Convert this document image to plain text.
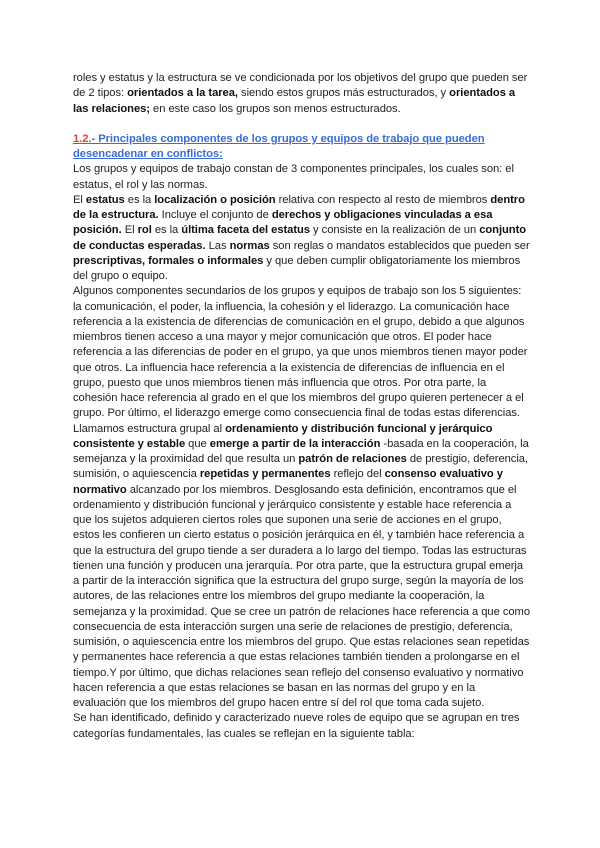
roles y estatus y la estructura se ve condicionada por los objetivos del grupo que pueden ser de 2 tipos: orientados a la tarea, siendo estos grupos más estructurados, y orientados a las relaciones; en este caso los grupos son menos estructurados.

1.2.- Principales componentes de los grupos y equipos de trabajo que pueden desencadenar en conflictos:

Los grupos y equipos de trabajo constan de 3 componentes principales, los cuales son: el estatus, el rol y las normas.

El estatus es la localización o posición relativa con respecto al resto de miembros dentro de la estructura. Incluye el conjunto de derechos y obligaciones vinculadas a esa posición. El rol es la última faceta del estatus y consiste en la realización de un conjunto de conductas esperadas. Las normas son reglas o mandatos establecidos que pueden ser prescriptivas, formales o informales y que deben cumplir obligatoriamente los miembros del grupo o equipo.

Algunos componentes secundarios de los grupos y equipos de trabajo son los 5 siguientes: la comunicación, el poder, la influencia, la cohesión y el liderazgo. La comunicación hace referencia a la existencia de diferencias de comunicación en el grupo, debido a que algunos miembros tienen acceso a una mayor y mejor comunicación que otros. El poder hace referencia a las diferencias de poder en el grupo, ya que unos miembros tienen mayor poder que otros. La influencia hace referencia a la existencia de diferencias de influencia en el grupo, puesto que unos miembros tienen más influencia que otros. Por otra parte, la cohesión hace referencia al grado en el que los miembros del grupo quieren pertenecer a el grupo. Por último, el liderazgo emerge como consecuencia final de todas estas diferencias.

Llamamos estructura grupal al ordenamiento y distribución funcional y jerárquico consistente y estable que emerge a partir de la interacción -basada en la cooperación, la semejanza y la proximidad del que resulta un patrón de relaciones de prestigio, deferencia, sumisión, o aquiescencia repetidas y permanentes reflejo del consenso evaluativo y normativo alcanzado por los miembros. Desglosando esta definición, encontramos que el ordenamiento y distribución funcional y jerárquico consistente y estable hace referencia a que los sujetos adquieren ciertos roles que suponen una serie de acciones en el grupo, estos les confieren un cierto estatus o posición jerárquica en él, y también hace referencia a que la estructura del grupo tiende a ser duradera a lo largo del tiempo. Todas las estructuras tienen una función y producen una jerarquía. Por otra parte, que la estructura grupal emerja a partir de la interacción significa que la estructura del grupo surge, según la mayoría de los autores, de las relaciones entre los miembros del grupo mediante la cooperación, la semejanza y la proximidad. Que se cree un patrón de relaciones hace referencia a que como consecuencia de esta interacción surgen una serie de relaciones de prestigio, deferencia, sumisión, o aquiescencia entre los miembros del grupo. Que estas relaciones sean repetidas y permanentes hace referencia a que estas relaciones también tienden a prolongarse en el tiempo.Y por último, que dichas relaciones sean reflejo del consenso evaluativo y normativo hacen referencia a que estas relaciones se basan en las normas del grupo y en la evaluación que los miembros del grupo hacen entre sí del rol que toma cada sujeto.

Se han identificado, definido y caracterizado nueve roles de equipo que se agrupan en tres categorías fundamentales, las cuales se reflejan en la siguiente tabla:
